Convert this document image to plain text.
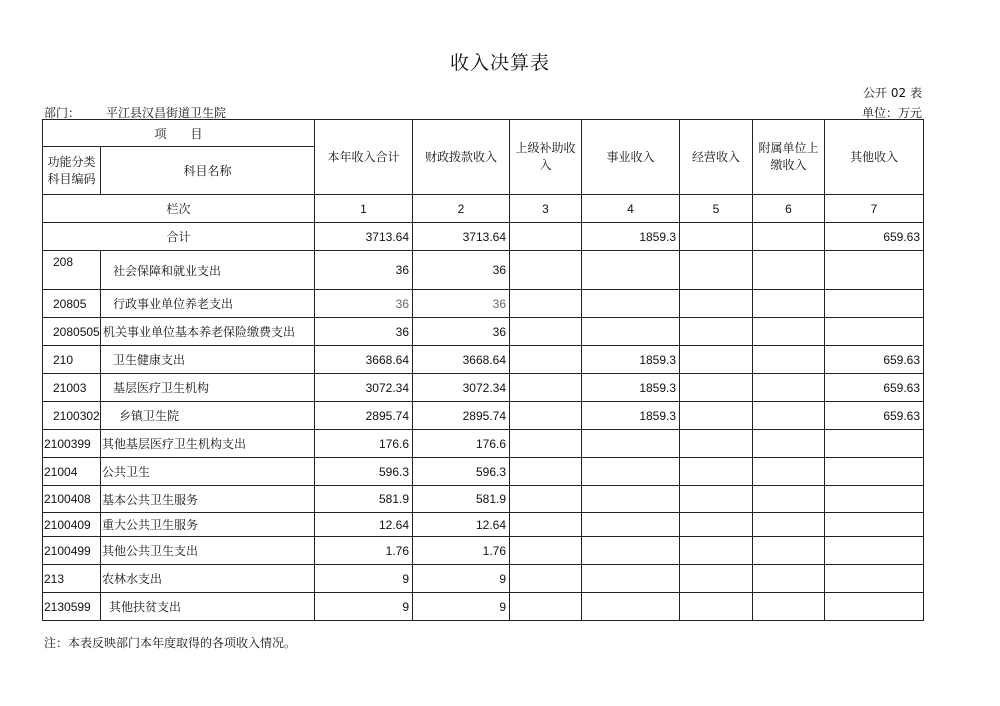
收入决算表
公开 02 表
部门： 平江县汉昌街道卫生院	单位：万元
项　　目		本年收入合计	财政拨款收入	上级补助收入	事业收入	经营收入	附属单位上缴收入	其他收入
功能分类科目编码	科目名称							
栏次		1	2	3	4	5	6	7
合计		3713.64	3713.64		1859.3			659.63
208	社会保障和就业支出	36	36					
20805	行政事业单位养老支出	36	36					
2080505	机关事业单位基本养老保险缴费支出	36	36					
210	卫生健康支出	3668.64	3668.64		1859.3			659.63
21003	基层医疗卫生机构	3072.34	3072.34		1859.3			659.63
2100302	乡镇卫生院	2895.74	2895.74		1859.3			659.63
2100399	其他基层医疗卫生机构支出	176.6	176.6					
21004	公共卫生	596.3	596.3					
2100408	基本公共卫生服务	581.9	581.9					
2100409	重大公共卫生服务	12.64	12.64					
2100499	其他公共卫生支出	1.76	1.76					
213	农林水支出	9	9					
2130599	其他扶贫支出	9	9					
注：本表反映部门本年度取得的各项收入情况。
